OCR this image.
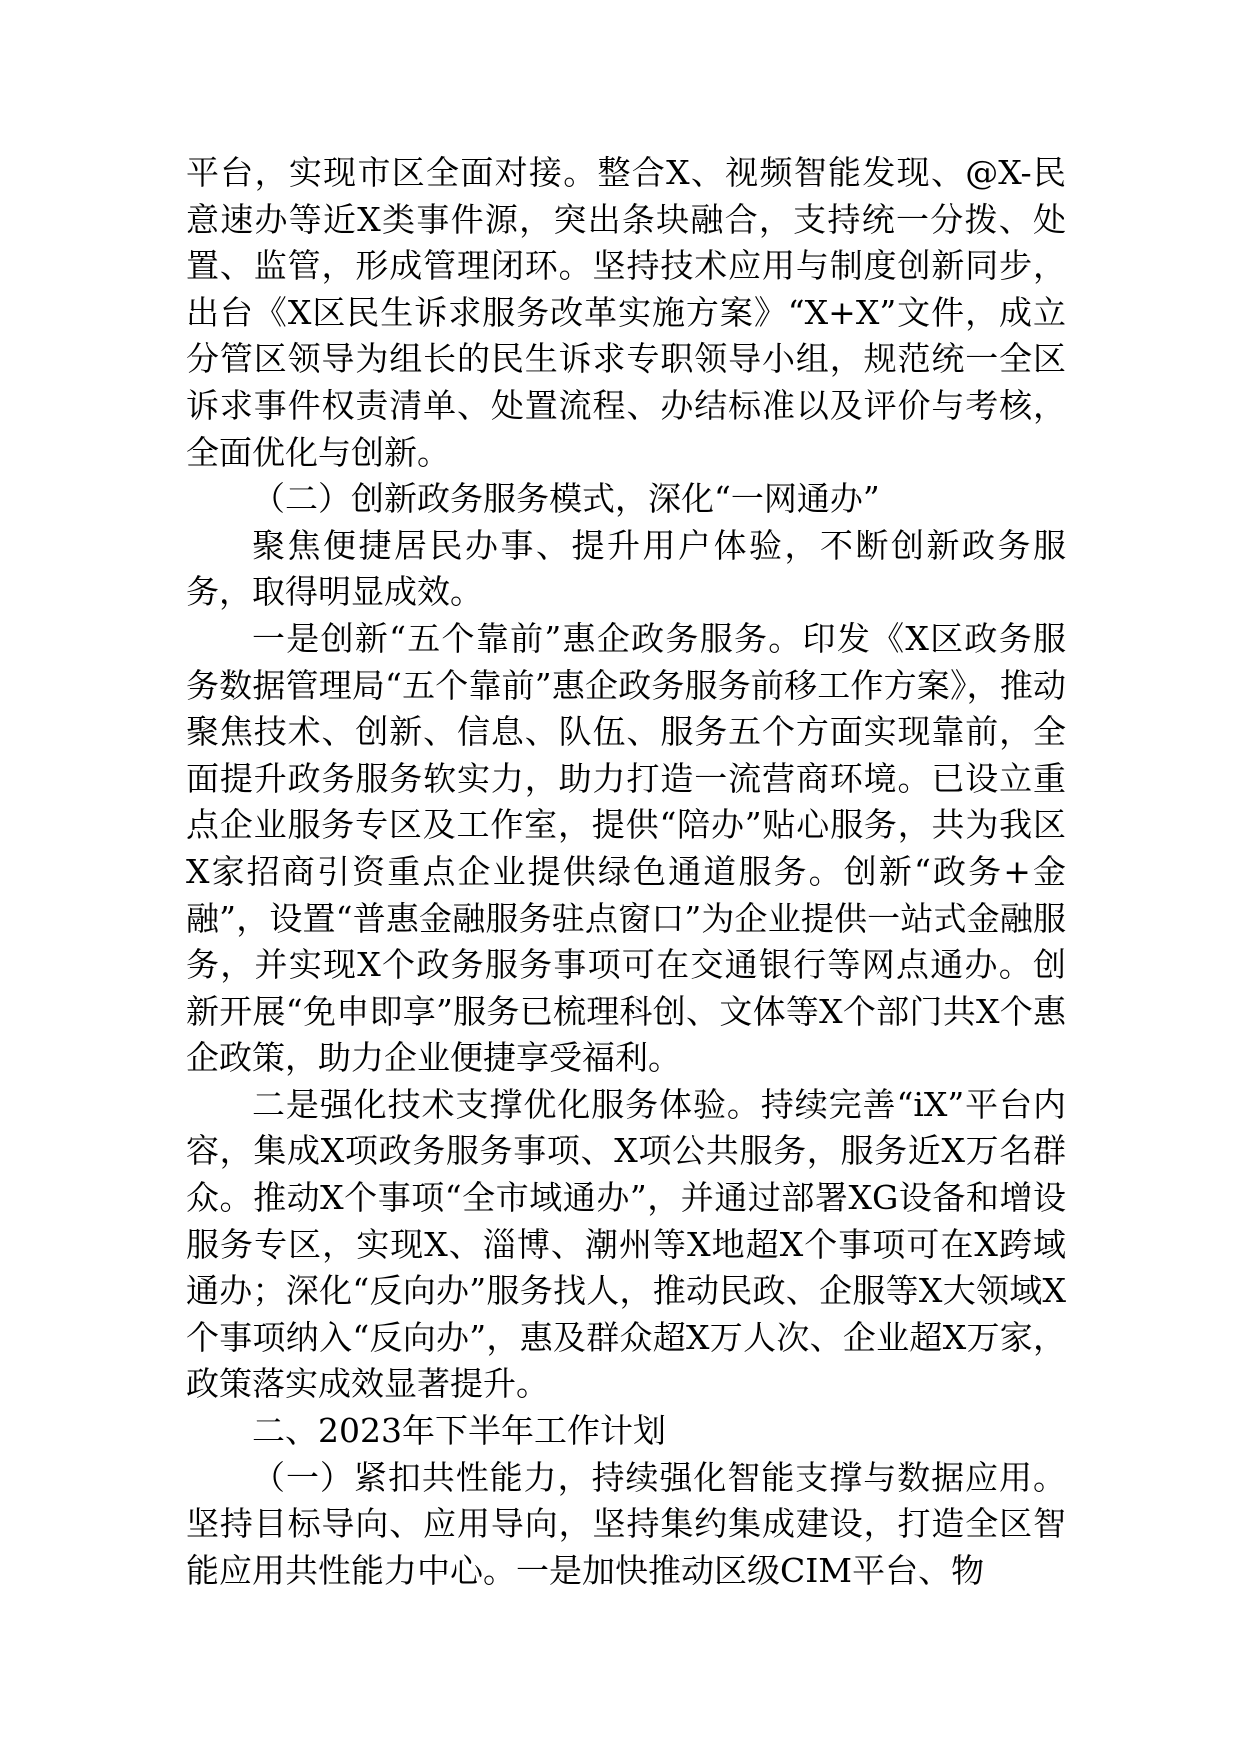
平台，实现市区全面对接。整合X、视频智能发现、@X-民意速办等近X类事件源，突出条块融合，支持统一分拨、处置、监管，形成管理闭环。坚持技术应用与制度创新同步，出台《X区民生诉求服务改革实施方案》“X+X”文件，成立分管区领导为组长的民生诉求专职领导小组，规范统一全区诉求事件权责清单、处置流程、办结标准以及评价与考核，全面优化与创新。

（二）创新政务服务模式，深化“一网通办”

聚焦便捷居民办事、提升用户体验，不断创新政务服务，取得明显成效。

一是创新“五个靠前”惠企政务服务。印发《X区政务服务数据管理局“五个靠前”惠企政务服务前移工作方案》，推动聚焦技术、创新、信息、队伍、服务五个方面实现靠前，全面提升政务服务软实力，助力打造一流营商环境。已设立重点企业服务专区及工作室，提供“陪办”贴心服务，共为我区X家招商引资重点企业提供绿色通道服务。创新“政务+金融”，设置“普惠金融服务驻点窗口”为企业提供一站式金融服务，并实现X个政务服务事项可在交通银行等网点通办。创新开展“免申即享”服务已梳理科创、文体等X个部门共X个惠企政策，助力企业便捷享受福利。

二是强化技术支撑优化服务体验。持续完善“iX”平台内容，集成X项政务服务事项、X项公共服务，服务近X万名群众。推动X个事项“全市域通办”，并通过部署XG设备和增设服务专区，实现X、淄博、潮州等X地超X个事项可在X跨域通办；深化“反向办”服务找人，推动民政、企服等X大领域X个事项纳入“反向办”，惠及群众超X万人次、企业超X万家，政策落实成效显著提升。

二、2023年下半年工作计划

（一）紧扣共性能力，持续强化智能支撑与数据应用。坚持目标导向、应用导向，坚持集约集成建设，打造全区智能应用共性能力中心。一是加快推动区级CIM平台、物
